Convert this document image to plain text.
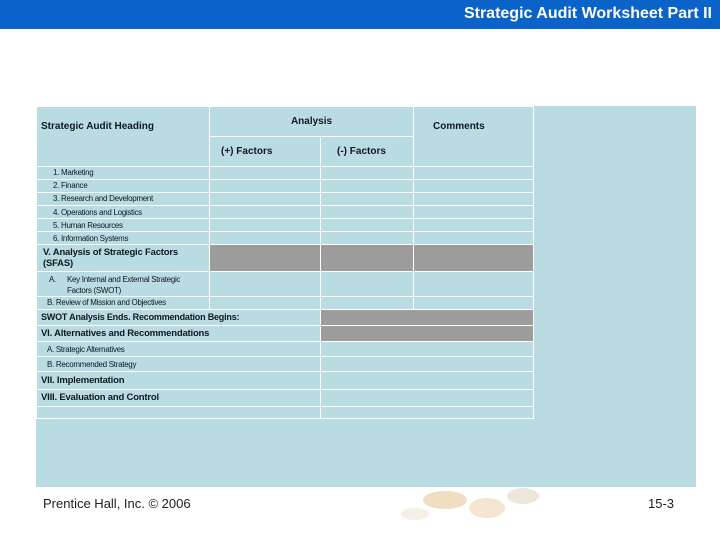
Strategic Audit Worksheet Part II
Strategic Audit Heading	Analysis		Comments
	(+) Factors	(-) Factors	
1. Marketing			
2. Finance			
3. Research and Development			
4. Operations and Logistics			
5. Human Resources			
6. Information Systems			
V. Analysis of Strategic Factors (SFAS)			
A. Key Internal and External Strategic Factors (SWOT)			
B. Review of Mission and Objectives			
SWOT Analysis Ends. Recommendation Begins:			
VI. Alternatives and Recommendations			
A. Strategic Alternatives			
B. Recommended Strategy			
VII. Implementation			
VIII. Evaluation and Control			

Prentice Hall, Inc. © 2006	15-3
